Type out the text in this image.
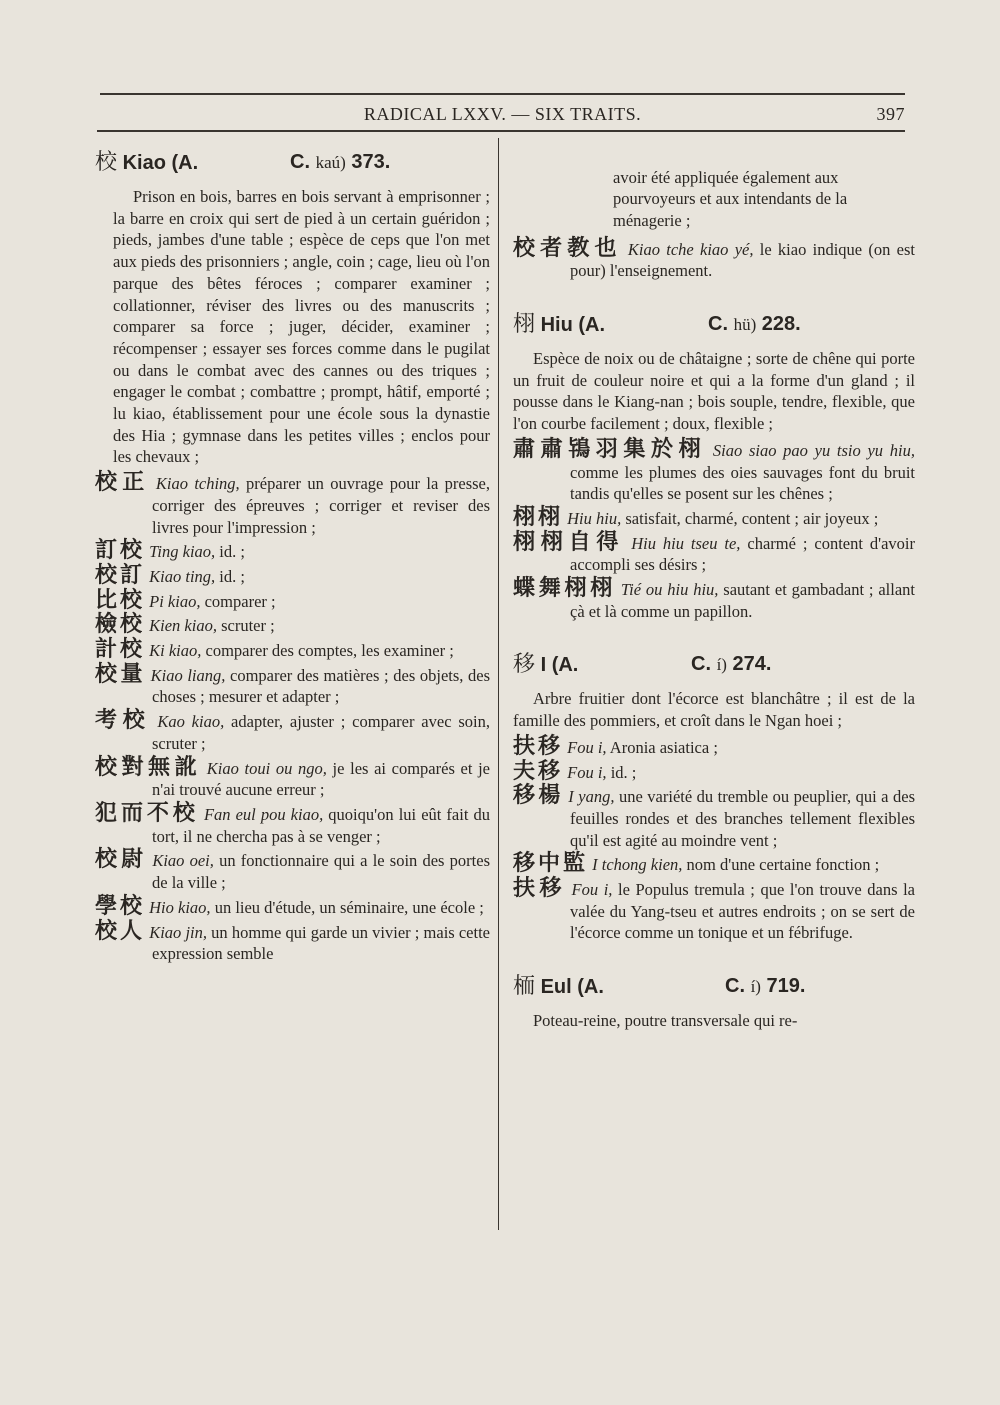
RADICAL LXXV. — SIX TRAITS.	397
校 Kiao (A.	C. kaú) 373.

Prison en bois, barres en bois servant à emprisonner ; la barre en croix qui sert de pied à un certain guéridon ; pieds, jambes d'une table ; espèce de ceps que l'on met aux pieds des prisonniers ; angle, coin ; cage, lieu où l'on parque des bêtes féroces ; comparer examiner ; collationner, réviser des livres ou des manuscrits ; comparer sa force ; juger, décider, examiner ; récompenser ; essayer ses forces comme dans le pugilat ou dans le combat avec des cannes ou des triques ; engager le combat ; combattre ; prompt, hâtif, emporté ; lu kiao, établissement pour une école sous la dynastie des Hia ; gymnase dans les petites villes ; enclos pour les chevaux ;

校正 Kiao tching, préparer un ouvrage pour la presse, corriger des épreuves ; corriger et reviser des livres pour l'impression ;
訂校 Ting kiao, id. ;
校訂 Kiao ting, id. ;
比校 Pi kiao, comparer ;
檢校 Kien kiao, scruter ;
計校 Ki kiao, comparer des comptes, les examiner ;
校量 Kiao liang, comparer des matières ; des objets, des choses ; mesurer et adapter ;
考校 Kao kiao, adapter, ajuster ; comparer avec soin, scruter ;
校對無訛 Kiao toui ou ngo, je les ai comparés et je n'ai trouvé aucune erreur ;
犯而不校 Fan eul pou kiao, quoiqu'on lui eût fait du tort, il ne chercha pas à se venger ;
校尉 Kiao oei, un fonctionnaire qui a le soin des portes de la ville ;
學校 Hio kiao, un lieu d'étude, un séminaire, une école ;
校人 Kiao jin, un homme qui garde un vivier ; mais cette expression semble

avoir été appliquée également aux pourvoyeurs et aux intendants de la ménagerie ;

校者教也 Kiao tche kiao yé, le kiao indique (on est pour) l'enseignement.
栩 Hiu (A.	C. hü) 228.

Espèce de noix ou de châtaigne ; sorte de chêne qui porte un fruit de couleur noire et qui a la forme d'un gland ; il pousse dans le Kiang-nan ; bois souple, tendre, flexible, que l'on courbe facilement ; doux, flexible ;

肅肅鴇羽集於栩 Siao siao pao yu tsio yu hiu, comme les plumes des oies sauvages font du bruit tandis qu'elles se posent sur les chênes ;
栩栩 Hiu hiu, satisfait, charmé, content ; air joyeux ;
栩栩自得 Hiu hiu tseu te, charmé ; content d'avoir accompli ses désirs ;
蝶舞栩栩 Tié ou hiu hiu, sautant et gambadant ; allant çà et là comme un papillon.
移 I (A.	C. í) 274.

Arbre fruitier dont l'écorce est blanchâtre ; il est de la famille des pommiers, et croît dans le Ngan hoei ;

扶移 Fou i, Aronia asiatica ;
夫移 Fou i, id. ;
移楊 I yang, une variété du tremble ou peuplier, qui a des feuilles rondes et des branches tellement flexibles qu'il est agité au moindre vent ;
移中監 I tchong kien, nom d'une certaine fonction ;
扶移 Fou i, le Populus tremula ; que l'on trouve dans la valée du Yang-tseu et autres endroits ; on se sert de l'écorce comme un tonique et un fébrifuge.
栭 Eul (A.	C. í) 719.

Poteau-reine, poutre transversale qui re-
